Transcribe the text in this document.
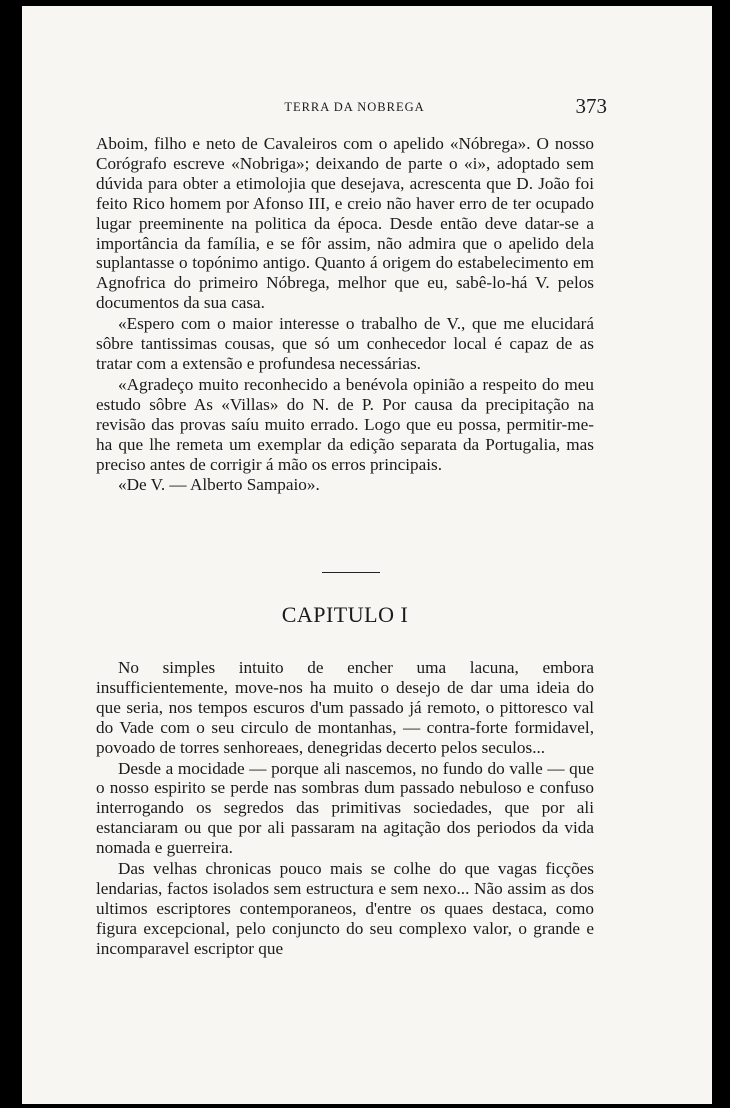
TERRA DA NOBREGA	373

Aboim, filho e neto de Cavaleiros com o apelido «Nóbrega». O nosso Corógrafo escreve «Nobriga»; deixando de parte o «i», adoptado sem dúvida para obter a etimolojia que desejava, acrescenta que D. João foi feito Rico homem por Afonso III, e creio não haver erro de ter ocupado lugar preeminente na politica da época. Desde então deve datar-se a importância da família, e se fôr assim, não admira que o apelido dela suplantasse o topónimo antigo. Quanto á origem do estabelecimento em Agnofrica do primeiro Nóbrega, melhor que eu, sabê-lo-há V. pelos documentos da sua casa.

«Espero com o maior interesse o trabalho de V., que me elucidará sôbre tantissimas cousas, que só um conhecedor local é capaz de as tratar com a extensão e profundesa necessárias.

«Agradeço muito reconhecido a benévola opinião a respeito do meu estudo sôbre As «Villas» do N. de P. Por causa da precipitação na revisão das provas saíu muito errado. Logo que eu possa, permitir-me-ha que lhe remeta um exemplar da edição separata da Portugalia, mas preciso antes de corrigir á mão os erros principais.

«De V. — Alberto Sampaio».

CAPITULO I

No simples intuito de encher uma lacuna, embora insufficientemente, move-nos ha muito o desejo de dar uma ideia do que seria, nos tempos escuros d'um passado já remoto, o pittoresco val do Vade com o seu circulo de montanhas, — contra-forte formidavel, povoado de torres senhoreaes, denegridas decerto pelos seculos...

Desde a mocidade — porque ali nascemos, no fundo do valle — que o nosso espirito se perde nas sombras dum passado nebuloso e confuso interrogando os segredos das primitivas sociedades, que por ali estanciaram ou que por ali passaram na agitação dos periodos da vida nomada e guerreira.

Das velhas chronicas pouco mais se colhe do que vagas ficções lendarias, factos isolados sem estructura e sem nexo... Não assim as dos ultimos escriptores contemporaneos, d'entre os quaes destaca, como figura excepcional, pelo conjuncto do seu complexo valor, o grande e incomparavel escriptor que
